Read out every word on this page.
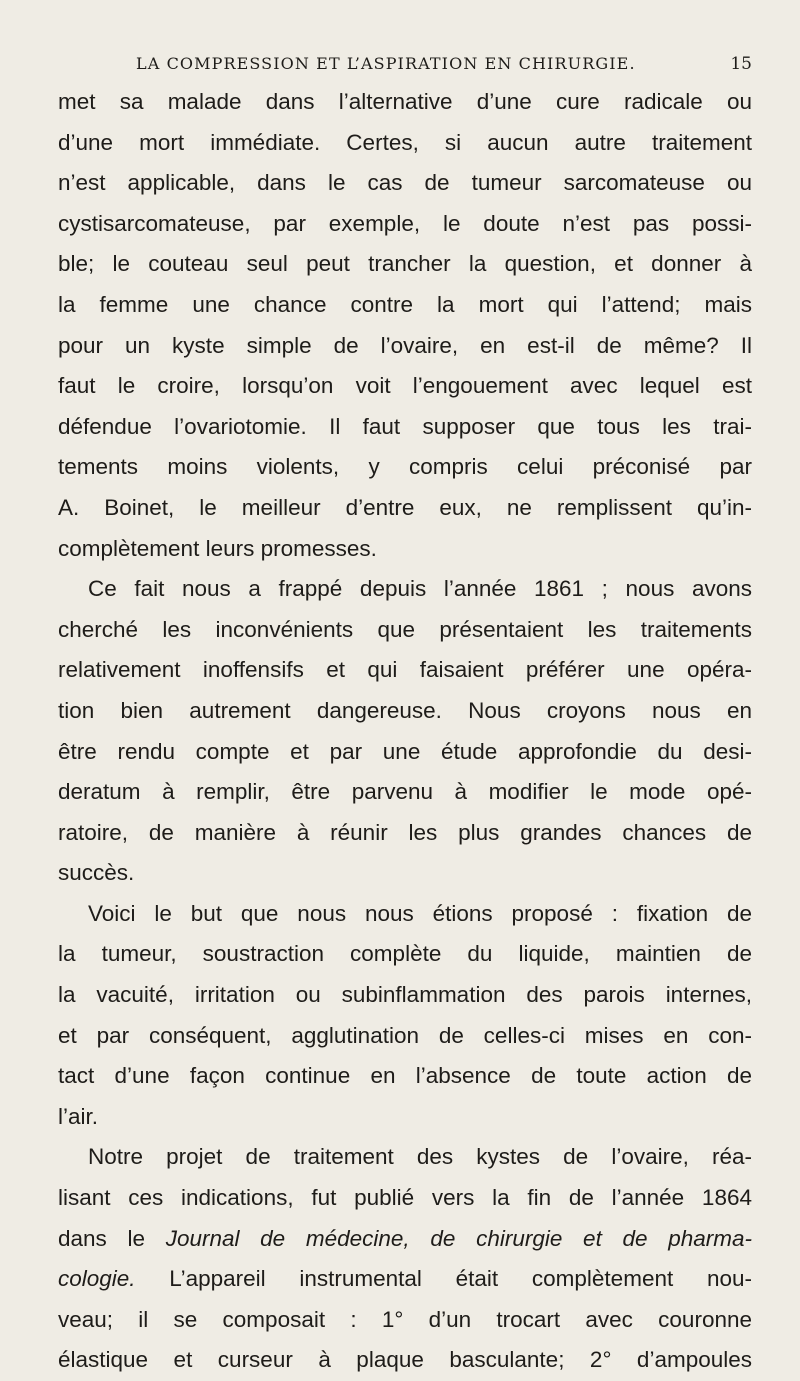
LA COMPRESSION ET L’ASPIRATION EN CHIRURGIE.	15
met sa malade dans l’alternative d’une cure radicale ou
d’une mort immédiate. Certes, si aucun autre traitement
n’est applicable, dans le cas de tumeur sarcomateuse ou
cystisarcomateuse, par exemple, le doute n’est pas possi-
ble; le couteau seul peut trancher la question, et donner à
la femme une chance contre la mort qui l’attend; mais
pour un kyste simple de l’ovaire, en est-il de même? Il
faut le croire, lorsqu’on voit l’engouement avec lequel est
défendue l’ovariotomie. Il faut supposer que tous les trai-
tements moins violents, y compris celui préconisé par
A. Boinet, le meilleur d’entre eux, ne remplissent qu’in-
complètement leurs promesses.
Ce fait nous a frappé depuis l’année 1861 ; nous avons
cherché les inconvénients que présentaient les traitements
relativement inoffensifs et qui faisaient préférer une opéra-
tion bien autrement dangereuse. Nous croyons nous en
être rendu compte et par une étude approfondie du desi-
deratum à remplir, être parvenu à modifier le mode opé-
ratoire, de manière à réunir les plus grandes chances de
succès.
Voici le but que nous nous étions proposé : fixation de
la tumeur, soustraction complète du liquide, maintien de
la vacuité, irritation ou subinflammation des parois internes,
et par conséquent, agglutination de celles-ci mises en con-
tact d’une façon continue en l’absence de toute action de
l’air.
Notre projet de traitement des kystes de l’ovaire, réa-
lisant ces indications, fut publié vers la fin de l’année 1864
dans le Journal de médecine, de chirurgie et de pharma-
cologie. L’appareil instrumental était complètement nou-
veau; il se composait : 1° d’un trocart avec couronne
élastique et curseur à plaque basculante; 2° d’ampoules
